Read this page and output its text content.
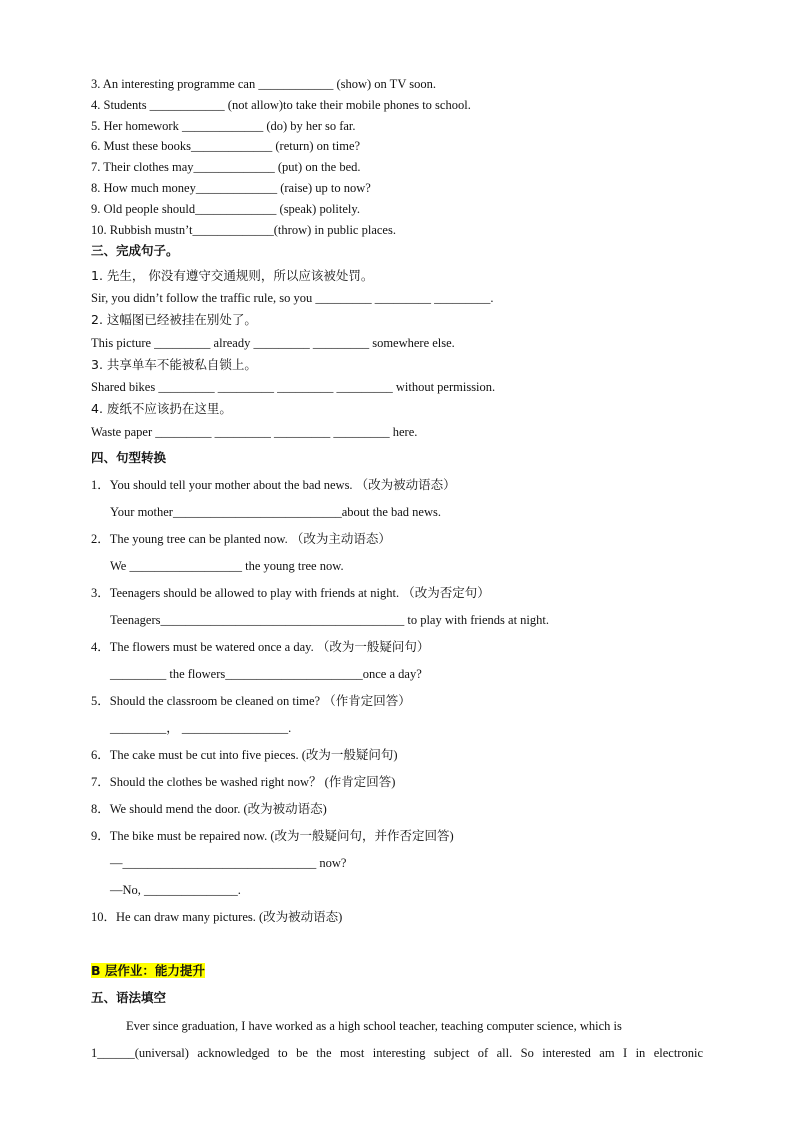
3. An interesting programme can ____________ (show) on TV soon.
4. Students ____________ (not allow)to take their mobile phones to school.
5. Her homework _____________ (do) by her so far.
6. Must these books_____________ (return) on time?
7. Their clothes may_____________ (put) on the bed.
8. How much money_____________ (raise) up to now?
9. Old people should_____________ (speak) politely.
10. Rubbish mustn’t_____________(throw) in public places.
三、完成句子。
1. 先生， 你没有遵守交通规则，所以应该被处罚。
Sir, you didn’t follow the traffic rule, so you _________ _________ _________.
2. 这幅图已经被挂在别处了。
This picture _________ already _________ _________ somewhere else.
3. 共享单车不能被私自锁上。
Shared bikes _________ _________ _________ _________ without permission.
4. 废纸不应该扔在这里。
Waste paper _________ _________ _________ _________ here.
四、句型转换
1．You should tell your mother about the bad news. （改为被动语态）
Your mother___________________________about the bad news.
2．The young tree can be planted now. （改为主动语态）
We __________________ the young tree now.
3．Teenagers should be allowed to play with friends at night. （改为否定句）
Teenagers_______________________________________ to play with friends at night.
4．The flowers must be watered once a day. （改为一般疑问句）
_________ the flowers______________________once a day?
5．Should the classroom be cleaned on time? （作肯定回答）
_________， _________________.
6．The cake must be cut into five pieces. (改为一般疑问句)
7．Should the clothes be washed right now？ (作肯定回答)
8．We should mend the door. (改为被动语态)
9．The bike must be repaired now. (改为一般疑问句，并作否定回答)
—_______________________________ now?
—No, _______________.
10．He can draw many pictures. (改为被动语态)
B 层作业：能力提升
五、语法填空
Ever since graduation, I have worked as a high school teacher, teaching computer science, which is
1______(universal) acknowledged to be the most interesting subject of all. So interested am I in electronic
